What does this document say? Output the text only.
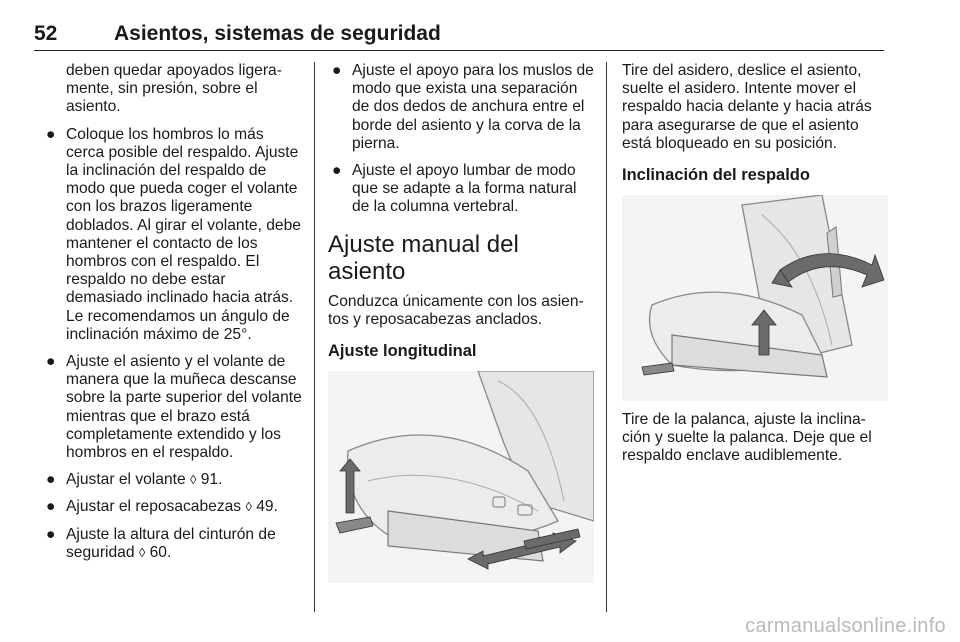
52	Asientos, sistemas de seguridad

deben quedar apoyados ligeramente, sin presión, sobre el asiento.

● Coloque los hombros lo más cerca posible del respaldo. Ajuste la inclinación del respaldo de modo que pueda coger el volante con los brazos ligeramente doblados. Al girar el volante, debe mantener el contacto de los hombros con el respaldo. El respaldo no debe estar demasiado inclinado hacia atrás. Le recomendamos un ángulo de inclinación máximo de 25°.
● Ajuste el asiento y el volante de manera que la muñeca descanse sobre la parte superior del volante mientras que el brazo está completamente extendido y los hombros en el respaldo.
● Ajustar el volante ◊ 91.
● Ajustar el reposacabezas ◊ 49.
● Ajuste la altura del cinturón de seguridad ◊ 60.
● Ajuste el apoyo para los muslos de modo que exista una separación de dos dedos de anchura entre el borde del asiento y la corva de la pierna.
● Ajuste el apoyo lumbar de modo que se adapte a la forma natural de la columna vertebral.
Ajuste manual del asiento

Conduzca únicamente con los asientos y reposacabezas anclados.

Ajuste longitudinal

Tire del asidero, deslice el asiento, suelte el asidero. Intente mover el respaldo hacia delante y hacia atrás para asegurarse de que el asiento está bloqueado en su posición.

Inclinación del respaldo

Tire de la palanca, ajuste la inclinación y suelte la palanca. Deje que el respaldo enclave audiblemente.

carmanualsonline.info
